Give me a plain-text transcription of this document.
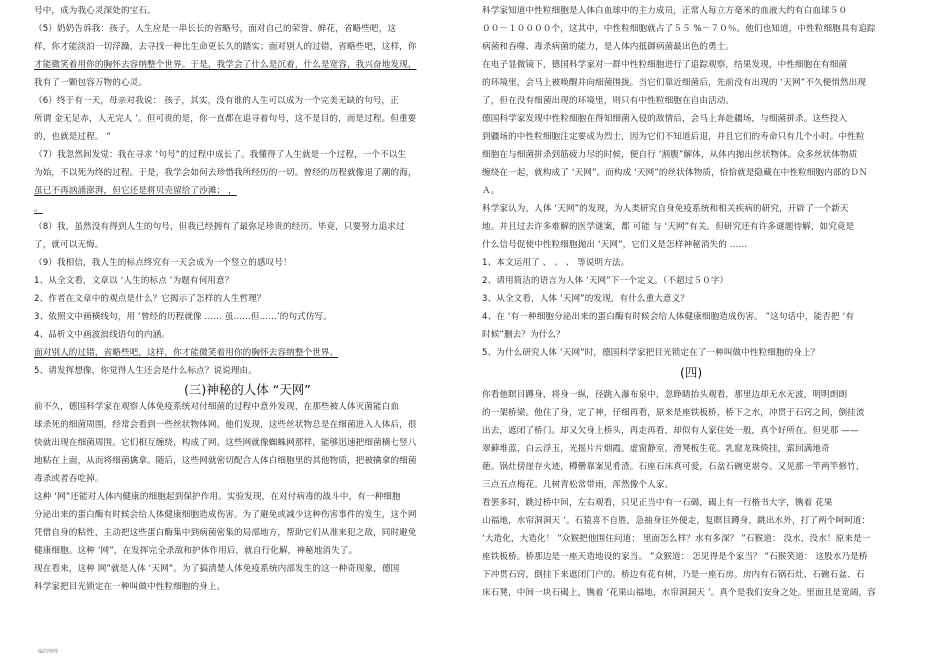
号中，成为我心灵深处的宝石。
（5）奶奶告诉我：孩子，人生应是一串长长的省略号，面对自己的荣誉、鲜花，省略些吧，这
样，你才能淡泊一切浮躁，去寻找一种比生命更长久的踏实；面对别人的过错，省略些吧，这样，你
才能微笑着用你的胸怀去容纳整个世界。于是，我学会了什么是沉着，什么是宽容，我兴奋地发现，
我有了一颗包容万物的心灵。
（6）终于有一天，母亲对我说： 孩子，其实，没有谁的人生可以成为一个完美无缺的句号，正
所谓 金无足赤，人无完人 ’。但可贵的是，你一直都在追寻着句号，这不是目的，而是过程。但重要
的，也就是过程。 ”
（7）我忽然间发觉：我在寻求 ‘句号”的过程中成长了。我懂得了人生就是一个过程，一个不以生
为始，不以死为终的过程。于是，我学会如何去珍惜我所经历的一切。曾经的历程就像退了潮的海，
虽已不再汹涌澎湃，但它还是将贝壳留给了沙滩； ，
。
（8）我，虽然没有得到人生的句号，但我已经拥有了最弥足珍贵的经历。毕竟，只要努力追求过
了，就可以无悔。
（9）我相信，我人生的标点终究有一天会成为一个竖立的感叹号！
1、从全文看，文章以 ‘人生的标点 ’为题有何用意？
2、作者在文章中的观点是什么？它揭示了怎样的人生哲理？
3、依照文中画横线句，用 ‘曾经的历程就像 …… 虽……但……’的句式仿写。
4、品析文中画波浪线语句的内涵。
面对别人的过错，省略些吧，这样，你才能微笑着用你的胸怀去容纳整个世界。
5、请发挥想像，你觉得人生还会是什么标点？说说理由。
(三)神秘的人体 “天网”
前不久，德国科学家在观察人体免疫系统对付细菌的过程中意外发现，在那些被人体灭菌能白血
球杀死的细菌周围，经常会看到一些丝状物体网。他们发现，这些丝状物总是在细菌进入人体后，很
快就出现在细菌周围。它们相互缠绕，构成了网。这些网就像蜘蛛网那样，能够迅速把细菌横七竖八
地粘在上面，从而将细菌擒拿。随后，这些网就密切配合人体白细胞里的其他物质，把被擒拿的细菌
毒杀或者吞吃掉。
这种 ‘网”还能对人体内健康的细胞起到保护作用。实验发现，在对付病毒的战斗中，有一种细胞
分泌出来的蛋白酶有时候会给人体健康细胞造成伤害。为了避免或减少这种伤害事件的发生，这个网
凭借自身的粘性，主动把这些蛋白酶集中到病菌密集的局部地方，帮助它们从准来犯之敌，同时避免
健康细胞。这种 ‘网”，在发挥完全杀敌和护体作用后，就自行化解，神秘地消失了。
现在看来，这种 网”就是人体 ‘天网”。为了搞清楚人体免疫系统内部发生的这一种奇现象，德国
科学家把目光锁定在一种叫做中性粒细胞的身上。
科学家知道中性粒细胞是人体白血球中的主力成员，正常人每立方毫米的血液大约有白血球５０
００－１００００个，这其中，中性粒细胞就占了５５ %－７０％。他们也知道，中性粒细胞具有追踪
病菌和吞噬、毒杀病菌的能力，是人体内抵御病菌最出色的勇士。
在电子显微镜下，德国科学家对一群中性粒细胞进行了追踪观察，结果发现，中性细胞在有细菌
的环境里，会马上被唤醒并向细菌围拢。当它们靠近细菌后，先前没有出现的 ‘天网”不久便悄然出现
了，但在没有细菌出现的环境里，则只有中性粒细胞在自由活动。
德国科学家发现中性粒细胞在得知细菌入侵的敌情后，会马上奔赴疆场，与细菌拼杀。这些投入
到疆场的中性粒细胞注定要成为烈士，因为它们不知道后退，并且它们的寿命只有几个小时。中性粒
细胞在与细菌拼杀到筋疲力尽的时候，便自行 ‘割腹”解体，从体内抛出丝状物体。众多丝状体物质
缠绕在一起，就构成了 ‘天网”。而构成 ‘天网”的丝状体物质，恰恰就是隐藏在中性粒细胞内部的ＤＮ
Ａ。
科学家认为，人体 ‘天网”的发现，为人类研究自身免疫系统和相关疾病的研究，开辟了一个新天
地。并且过去许多难解的医学谜案，都 可能 与 ‘天网”有关。但研究还有许多谜题待解，如究竟是
什么信号促使中性粒细胞抛出 ‘天网”，它们又是怎样神秘消失的 ……
1、本文运用了 、 、 、 等说明方法。
2、请用简洁的语言为人体 ‘天网”下一个定义。（不超过５０字）
3、从全文看，人体 ‘天网”的发现，有什么重大意义？
4、在 ‘有一种细胞分泌出来的蛋白酶有时候会给人体健康细胞造成伤害。 ”这句话中，能否把 ‘有
时候”删去？为什么？
5、为什么研究人体 ‘天网”时，德国科学家把目光锁定在了一种叫做中性粒细胞的身上？
(四)
你看他瞑目蹲身，将身一纵，径跳入瀑布泉中，忽睁睛抬头观看，那里边却无水无波，明明朗朗
的一架桥梁。他住了身，定了神，仔细再看，原来是座铁板桥，桥下之水，冲贯于石窍之间，倒挂流
出去，遮闭了桥门。却又欠身上桥头，再走再看，却似有人家住处一般，真个好所在。但见那 ——
翠藓堆蓝，白云浮玉，光摇片片烟霞。虚窗静室，滑凳板生花。乳窟龙珠倚挂，萦回满地奇
葩。锅灶傍崖存火迹，樽罍靠案见肴渣。石座石床真可爱，石盆石碗更堪夸。又见那一竿两竿修竹，
三点五点梅花。几树青松常带雨，浑然像个人家。
看罢多时，跳过桥中间，左右观看，只见正当中有一石碣，碣上有一行楷书大字，镌着 花果
山福地，水帘洞洞天 ’。石猿喜不自胜，急抽身往外便走，复瞑目蹲身，跳出水外，打了两个呵呵道：
‘大造化，大造化！ ”众猴把他围住问道： 里面怎么样？水有多深？ ”石猴道： 没水，没水！原来是一
座铁板桥。桥那边是一座天造地设的家当。 ”众猴道： 怎见得是个家当？ ”石猴笑道： 这股水乃是桥
下冲贯石窍，倒挂下来遮闭门户的。桥边有花有树，乃是一座石房。房内有石锅石灶、石碗石盆、石
床石凳，中间一块石碣上，镌着 ‘花果山福地，水帘洞洞天 ’。真个是我们安身之处。里面且是宽阔，容
编的哩哩
